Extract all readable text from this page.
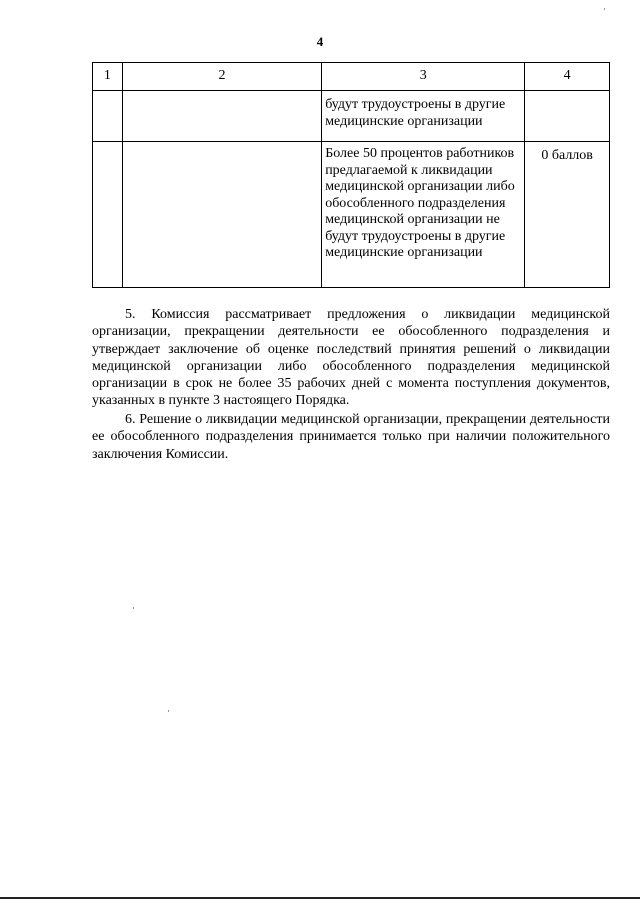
4
1	2	3	4

		будут трудоустроены в другие медицинские организации	

		Более 50 процентов работников предлагаемой к ликвидации медицинской организации либо обособленного подразделения медицинской организации не будут трудоустроены в другие медицинские организации	0 баллов

5. Комиссия рассматривает предложения о ликвидации медицинской организации, прекращении деятельности ее обособленного подразделения и утверждает заключение об оценке последствий принятия решений о ликвидации медицинской организации либо обособленного подразделения медицинской организации в срок не более 35 рабочих дней с момента поступления документов, указанных в пункте 3 настоящего Порядка.

6. Решение о ликвидации медицинской организации, прекращении деятельности ее обособленного подразделения принимается только при наличии положительного заключения Комиссии.
